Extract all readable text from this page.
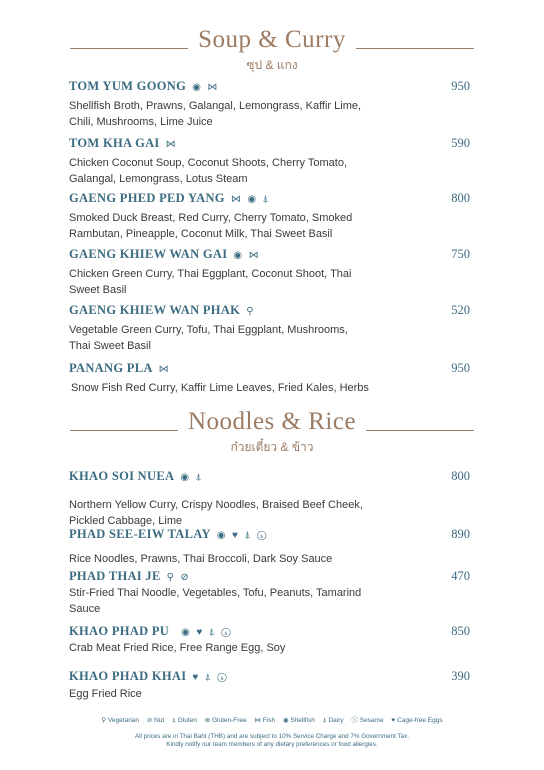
Soup & Curry
ซุป & แกง
TOM YUM GOONG ◉ ⋈	950
Shellfish Broth, Prawns, Galangal, Lemongrass, Kaffir Lime, Chili, Mushrooms, Lime Juice
TOM KHA GAI ⋈	590
Chicken Coconut Soup, Coconut Shoots, Cherry Tomato, Galangal, Lemongrass, Lotus Steam
GAENG PHED PED YANG ⋈ ◉ ⍋	800
Smoked Duck Breast, Red Curry, Cherry Tomato, Smoked Rambutan, Pineapple, Coconut Milk, Thai Sweet Basil
GAENG KHIEW WAN GAI ◉ ⋈	750
Chicken Green Curry, Thai Eggplant, Coconut Shoot, Thai Sweet Basil
GAENG KHIEW WAN PHAK ⚲	520
Vegetable Green Curry, Tofu, Thai Eggplant, Mushrooms, Thai Sweet Basil
PANANG PLA ⋈	950
Snow Fish Red Curry, Kaffir Lime Leaves, Fried Kales, Herbs
Noodles & Rice
ก๋วยเตี๋ยว & ข้าว
KHAO SOI NUEA ◉ ⍋	800
Northern Yellow Curry, Crispy Noodles, Braised Beef Cheek, Pickled Cabbage, Lime
PHAD SEE-EIW TALAY ◉ ♥ ⍋ ⓢ	890
Rice Noodles, Prawns, Thai Broccoli, Dark Soy Sauce
PHAD THAI JE ⚲ ⊘	470
Stir-Fried Thai Noodle, Vegetables, Tofu, Peanuts, Tamarind Sauce
KHAO PHAD PU ◉ ♥ ⍋ ⓢ	850
Crab Meat Fried Rice, Free Range Egg, Soy
KHAO PHAD KHAI ♥ ⍋ ⓢ	390
Egg Fried Rice
⚲ Vegetarian ⊘ Nut ⍋ Gluten ⊗ Gluten-Free ⋈ Fish ◉ Shellfish ⍋ Dairy ⓢ Sesame ♥ Cage-free Eggs
All prices are in Thai Baht (THB) and are subject to 10% Service Charge and 7% Government Tax.
Kindly notify our team members of any dietary preferences or food allergies.
